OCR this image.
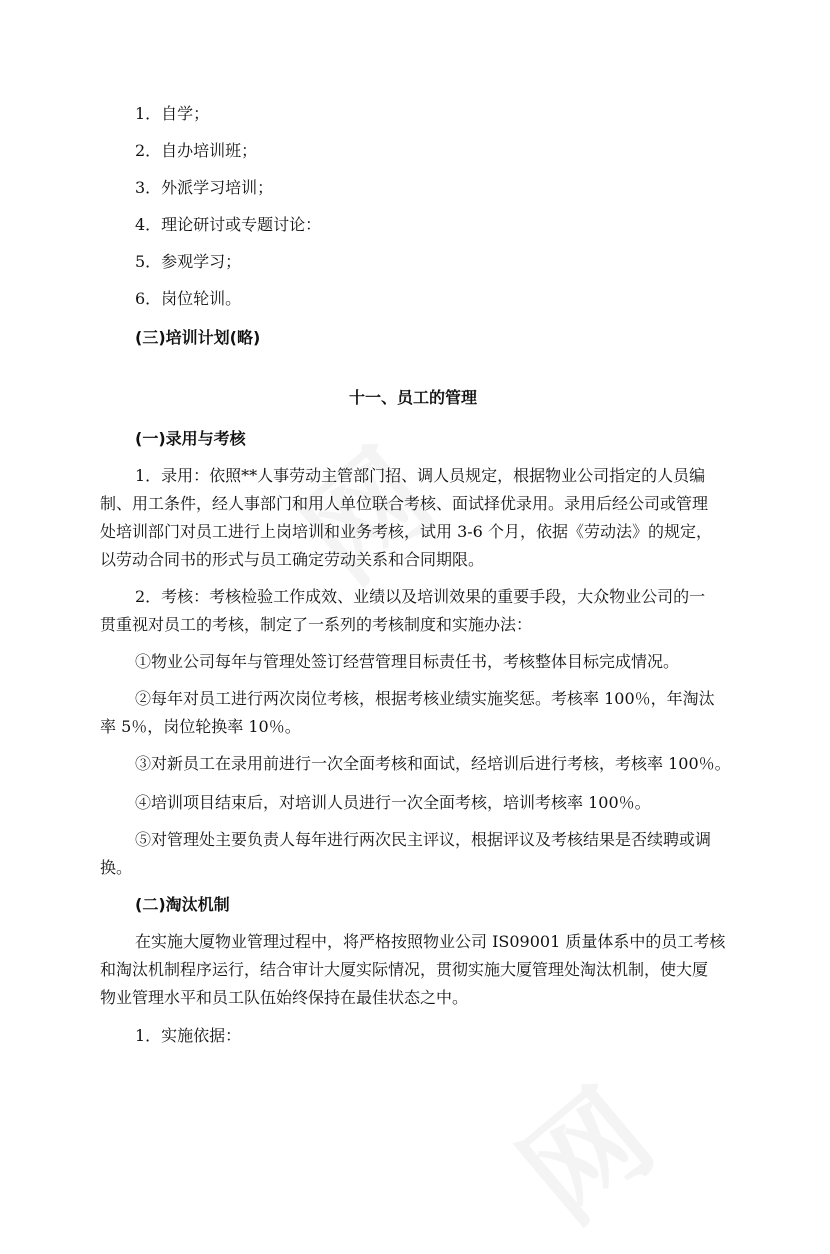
1．自学；
2．自办培训班；
3．外派学习培训；
4．理论研讨或专题讨论：
5．参观学习；
6．岗位轮训。
(三)培训计划(略)
十一、员工的管理
(一)录用与考核
1．录用：依照**人事劳动主管部门招、调人员规定，根据物业公司指定的人员编
制、用工条件，经人事部门和用人单位联合考核、面试择优录用。录用后经公司或管理
处培训部门对员工进行上岗培训和业务考核，试用 3-6 个月，依据《劳动法》的规定，
以劳动合同书的形式与员工确定劳动关系和合同期限。
2．考核：考核检验工作成效、业绩以及培训效果的重要手段，大众物业公司的一
贯重视对员工的考核，制定了一系列的考核制度和实施办法：
①物业公司每年与管理处签订经营管理目标责任书，考核整体目标完成情况。
②每年对员工进行两次岗位考核，根据考核业绩实施奖惩。考核率 100％，年淘汰
率 5％，岗位轮换率 10％。
③对新员工在录用前进行一次全面考核和面试，经培训后进行考核，考核率 100％。
④培训项目结束后，对培训人员进行一次全面考核，培训考核率 100％。
⑤对管理处主要负责人每年进行两次民主评议，根据评议及考核结果是否续聘或调
换。
(二)淘汰机制
在实施大厦物业管理过程中，将严格按照物业公司 IS09001 质量体系中的员工考核
和淘汰机制程序运行，结合审计大厦实际情况，贯彻实施大厦管理处淘汰机制，使大厦
物业管理水平和员工队伍始终保持在最佳状态之中。
1．实施依据：
